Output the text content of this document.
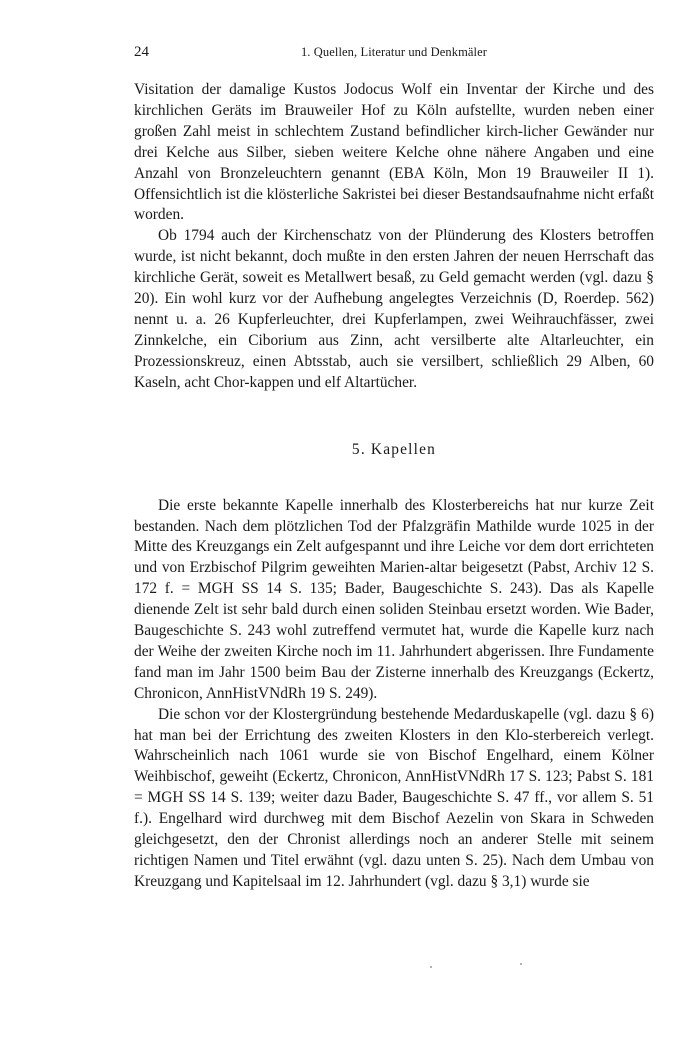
24	1. Quellen, Literatur und Denkmäler

Visitation der damalige Kustos Jodocus Wolf ein Inventar der Kirche und des kirchlichen Geräts im Brauweiler Hof zu Köln aufstellte, wurden neben einer großen Zahl meist in schlechtem Zustand befindlicher kirch-licher Gewänder nur drei Kelche aus Silber, sieben weitere Kelche ohne nähere Angaben und eine Anzahl von Bronzeleuchtern genannt (EBA Köln, Mon 19 Brauweiler II 1). Offensichtlich ist die klösterliche Sakristei bei dieser Bestandsaufnahme nicht erfaßt worden.

Ob 1794 auch der Kirchenschatz von der Plünderung des Klosters betroffen wurde, ist nicht bekannt, doch mußte in den ersten Jahren der neuen Herrschaft das kirchliche Gerät, soweit es Metallwert besaß, zu Geld gemacht werden (vgl. dazu § 20). Ein wohl kurz vor der Aufhebung angelegtes Verzeichnis (D, Roerdep. 562) nennt u. a. 26 Kupferleuchter, drei Kupferlampen, zwei Weihrauchfässer, zwei Zinnkelche, ein Ciborium aus Zinn, acht versilberte alte Altarleuchter, ein Prozessionskreuz, einen Abtsstab, auch sie versilbert, schließlich 29 Alben, 60 Kaseln, acht Chor-kappen und elf Altartücher.

5. Kapellen

Die erste bekannte Kapelle innerhalb des Klosterbereichs hat nur kurze Zeit bestanden. Nach dem plötzlichen Tod der Pfalzgräfin Mathilde wurde 1025 in der Mitte des Kreuzgangs ein Zelt aufgespannt und ihre Leiche vor dem dort errichteten und von Erzbischof Pilgrim geweihten Marien-altar beigesetzt (Pabst, Archiv 12 S. 172 f. = MGH SS 14 S. 135; Bader, Baugeschichte S. 243). Das als Kapelle dienende Zelt ist sehr bald durch einen soliden Steinbau ersetzt worden. Wie Bader, Baugeschichte S. 243 wohl zutreffend vermutet hat, wurde die Kapelle kurz nach der Weihe der zweiten Kirche noch im 11. Jahrhundert abgerissen. Ihre Fundamente fand man im Jahr 1500 beim Bau der Zisterne innerhalb des Kreuzgangs (Eckertz, Chronicon, AnnHistVNdRh 19 S. 249).

Die schon vor der Klostergründung bestehende Medarduskapelle (vgl. dazu § 6) hat man bei der Errichtung des zweiten Klosters in den Klo-sterbereich verlegt. Wahrscheinlich nach 1061 wurde sie von Bischof Engelhard, einem Kölner Weihbischof, geweiht (Eckertz, Chronicon, AnnHistVNdRh 17 S. 123; Pabst S. 181 = MGH SS 14 S. 139; weiter dazu Bader, Baugeschichte S. 47 ff., vor allem S. 51 f.). Engelhard wird durchweg mit dem Bischof Aezelin von Skara in Schweden gleichgesetzt, den der Chronist allerdings noch an anderer Stelle mit seinem richtigen Namen und Titel erwähnt (vgl. dazu unten S. 25). Nach dem Umbau von Kreuzgang und Kapitelsaal im 12. Jahrhundert (vgl. dazu § 3,1) wurde sie
